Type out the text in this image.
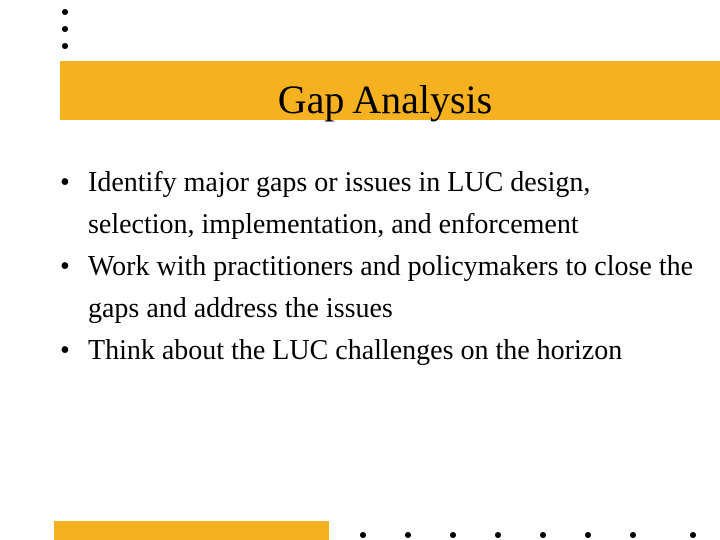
Gap Analysis
• Identify major gaps or issues in LUC design, selection, implementation, and enforcement
• Work with practitioners and policymakers to close the gaps and address the issues
• Think about the LUC challenges on the horizon
